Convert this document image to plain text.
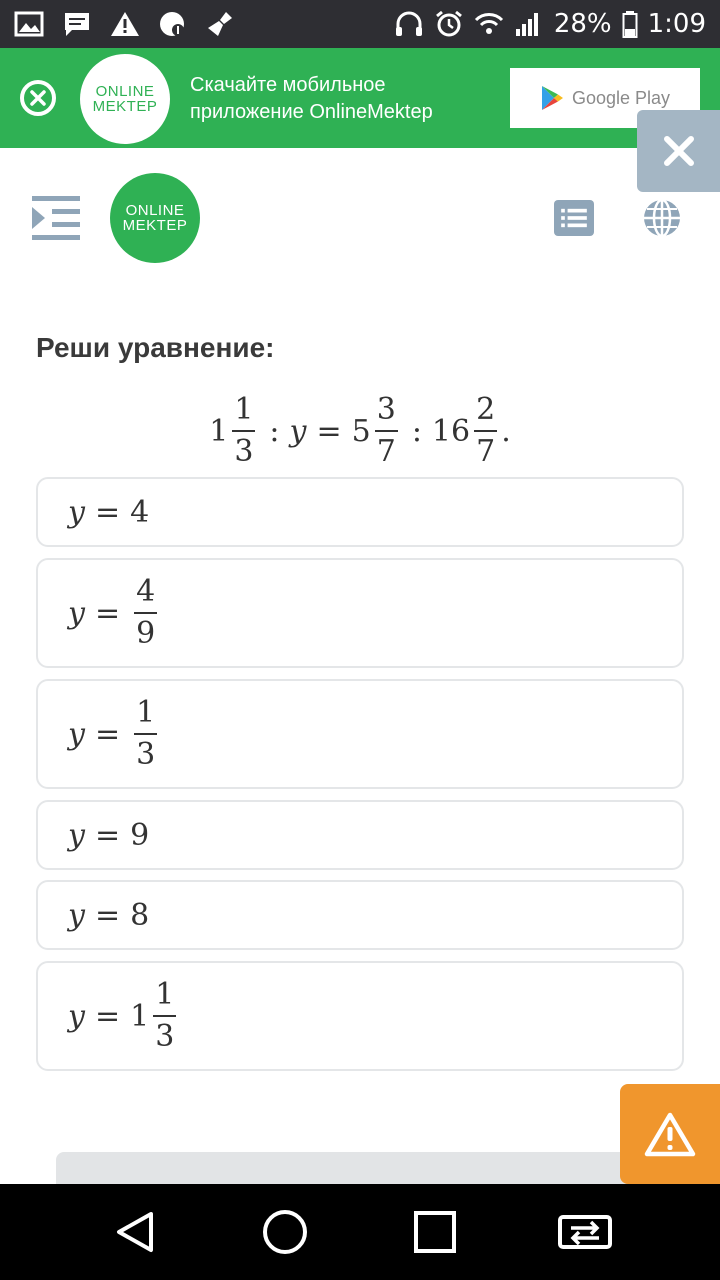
28% 1:09
ONLINE
MEKTEP
Скачайте мобильное
приложение OnlineMektep
Google Play
ONLINE
MEKTEP
Реши уравнение:
$1 \frac{1}{3}$ : $y = 5 \frac{3}{7}$ : $16 \frac{2}{7}$ .
y = 4
$y = \frac{4}{9}$
$y = \frac{1}{3}$
y = 9
y = 8
$y = 1 \frac{1}{3}$
